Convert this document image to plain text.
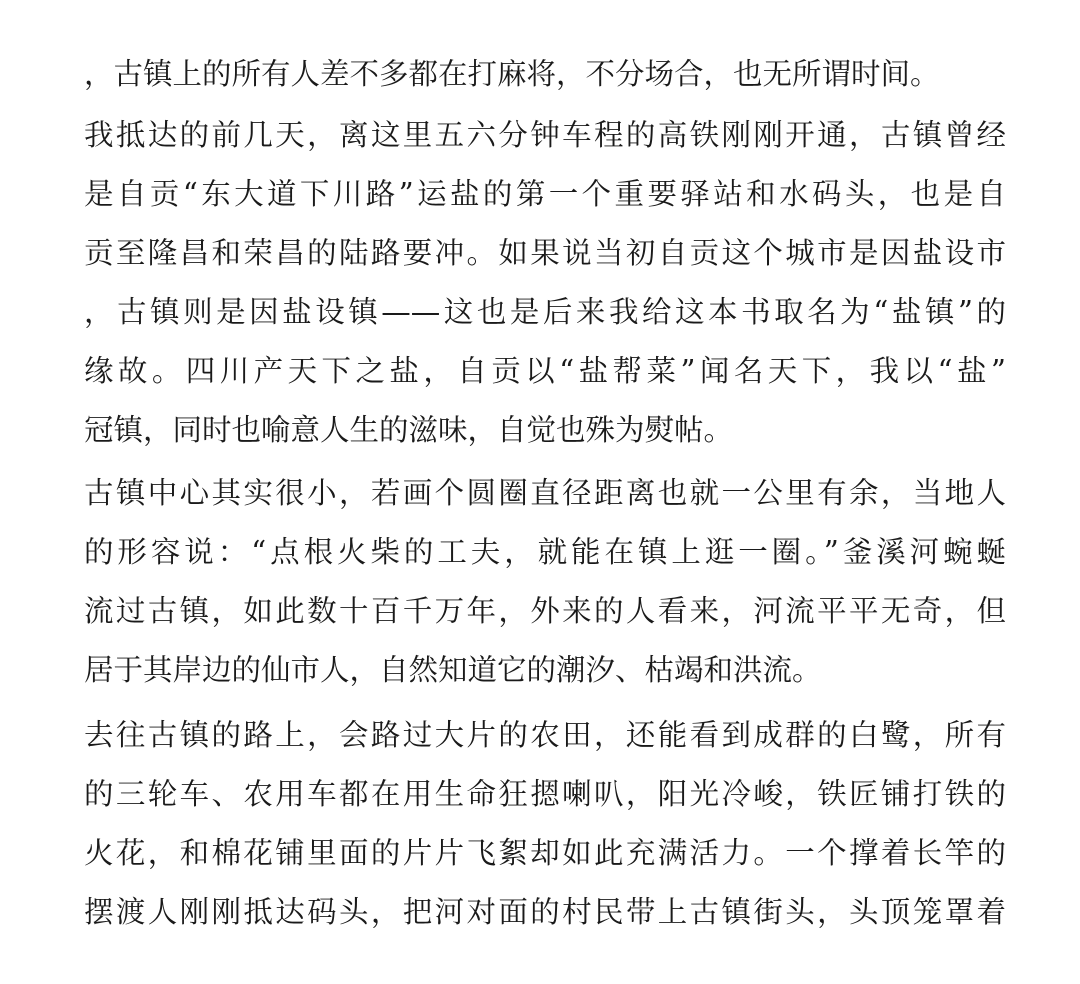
，古镇上的所有人差不多都在打麻将，不分场合，也无所谓时间。
我抵达的前几天，离这里五六分钟车程的高铁刚刚开通，古镇曾经
是自贡“东大道下川路”运盐的第一个重要驿站和水码头，也是自
贡至隆昌和荣昌的陆路要冲。如果说当初自贡这个城市是因盐设市
，古镇则是因盐设镇——这也是后来我给这本书取名为“盐镇”的
缘故。四川产天下之盐，自贡以“盐帮菜”闻名天下，我以“盐”
冠镇，同时也喻意人生的滋味，自觉也殊为熨帖。
古镇中心其实很小，若画个圆圈直径距离也就一公里有余，当地人
的形容说：“点根火柴的工夫，就能在镇上逛一圈。”釜溪河蜿蜒
流过古镇，如此数十百千万年，外来的人看来，河流平平无奇，但
居于其岸边的仙市人，自然知道它的潮汐、枯竭和洪流。
去往古镇的路上，会路过大片的农田，还能看到成群的白鹭，所有
的三轮车、农用车都在用生命狂摁喇叭，阳光冷峻，铁匠铺打铁的
火花，和棉花铺里面的片片飞絮却如此充满活力。一个撑着长竿的
摆渡人刚刚抵达码头，把河对面的村民带上古镇街头，头顶笼罩着
